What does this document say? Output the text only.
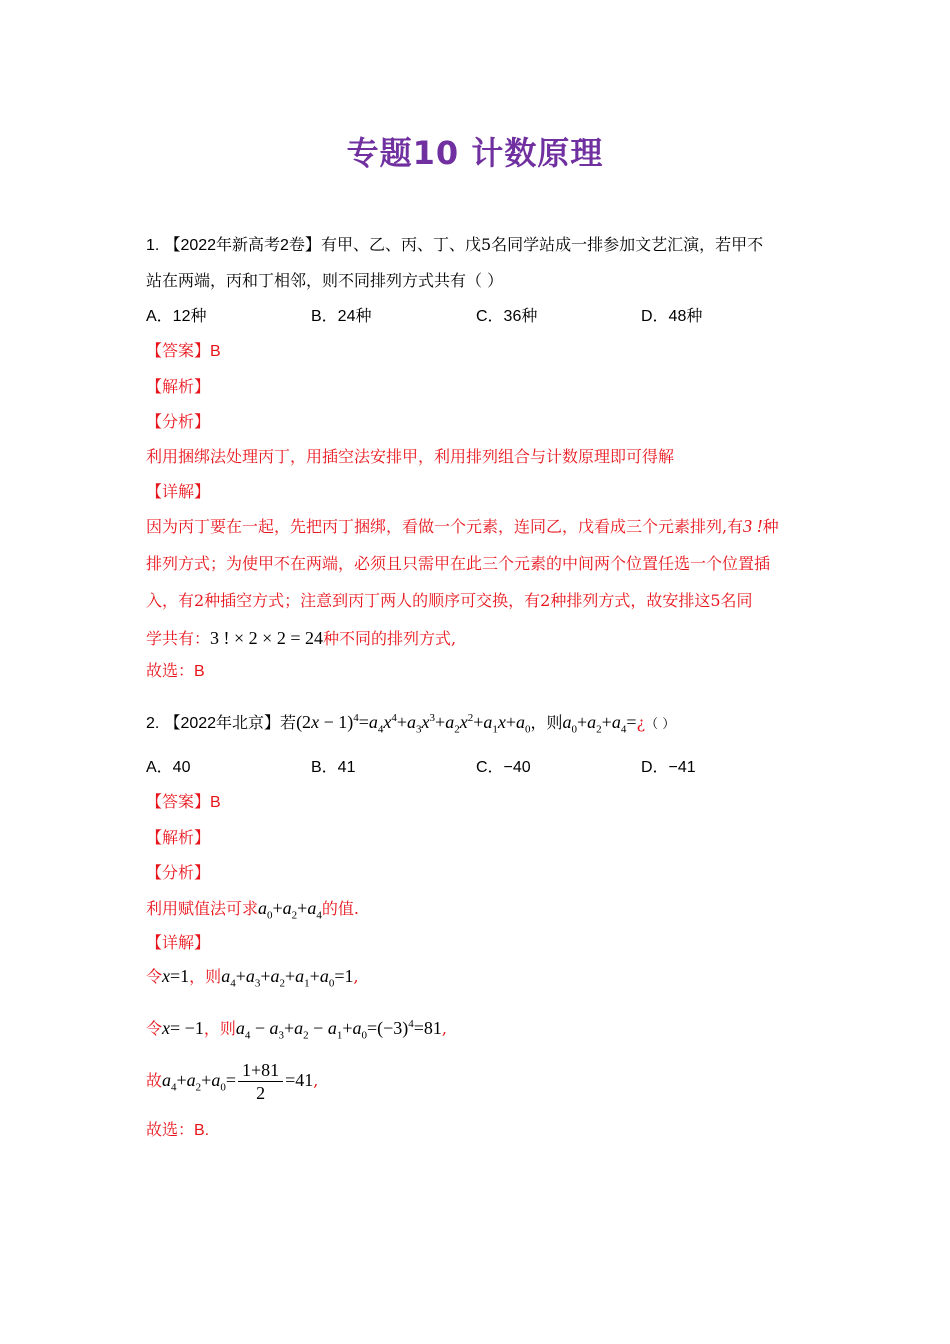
专题10 计数原理
1. 【2022年新高考2卷】有甲、乙、丙、丁、戊5名同学站成一排参加文艺汇演，若甲不
站在两端，丙和丁相邻，则不同排列方式共有（ ）
A．12种	B．24种	C．36种	D．48种
【答案】B
【解析】
【分析】
利用捆绑法处理丙丁，用插空法安排甲，利用排列组合与计数原理即可得解
【详解】
因为丙丁要在一起，先把丙丁捆绑，看做一个元素，连同乙，戊看成三个元素排列,有3 !种
排列方式；为使甲不在两端，必须且只需甲在此三个元素的中间两个位置任选一个位置插
入，有2种插空方式；注意到丙丁两人的顺序可交换，有2种排列方式，故安排这5名同
学共有：3 ! × 2 × 2 = 24种不同的排列方式,
故选：B
2. 【2022年北京】若$(2x - 1)^4=a_4x^4+a_3x^3+a_2x^2+a_1x+a_0$，则$a_0+a_2+a_4=¿$（ ）
A．40	B．41	C．−40	D．−41
【答案】B
【解析】
【分析】
利用赋值法可求$a_0+a_2+a_4$的值.
【详解】
令x=1，则$a_4+a_3+a_2+a_1+a_0=1$,
令x= −1，则$a_4 - a_3+a_2 - a_1+a_0=(-3)^4=81$,
故$a_4+a_2+a_0= \frac{1+81}{2} =41$,
故选：B.
